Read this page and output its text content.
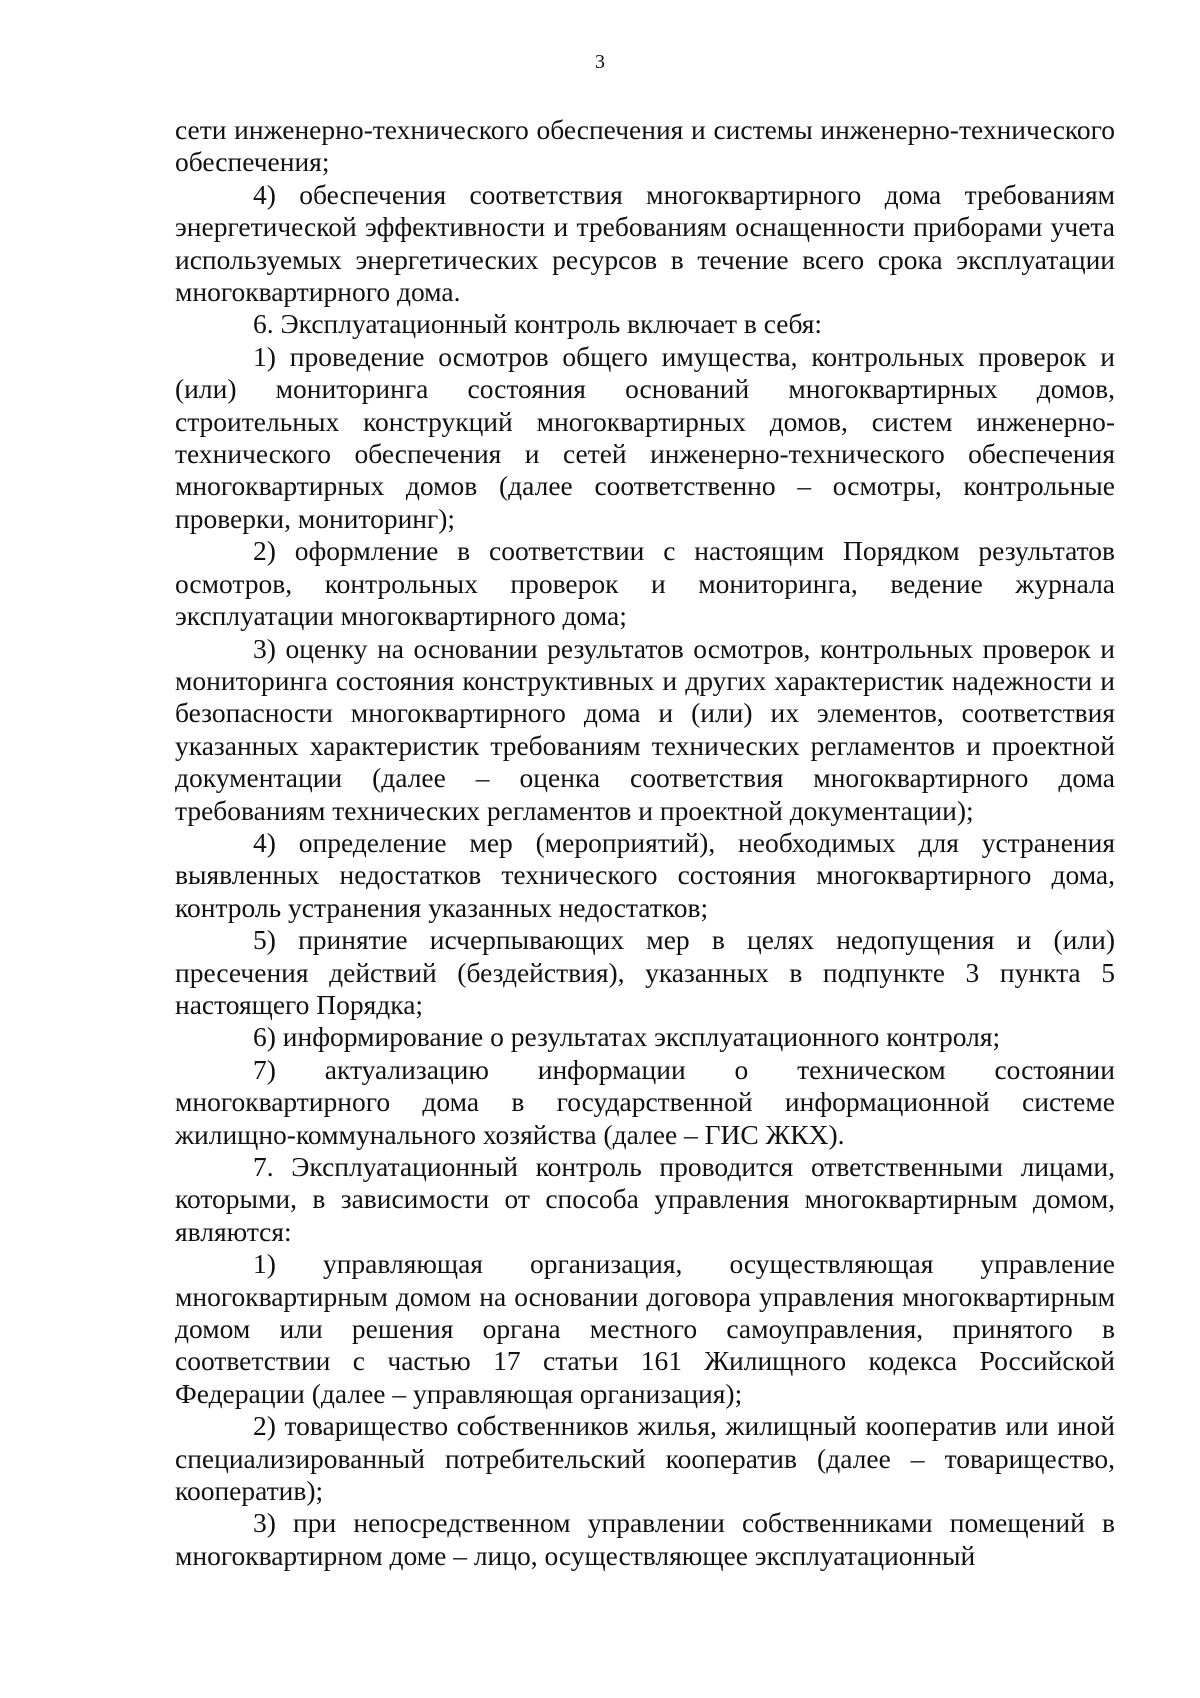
3

сети инженерно-технического обеспечения и системы инженерно-технического обеспечения;

4) обеспечения соответствия многоквартирного дома требованиям энергетической эффективности и требованиям оснащенности приборами учета используемых энергетических ресурсов в течение всего срока эксплуатации многоквартирного дома.

6. Эксплуатационный контроль включает в себя:

1) проведение осмотров общего имущества, контрольных проверок и (или) мониторинга состояния оснований многоквартирных домов, строительных конструкций многоквартирных домов, систем инженерно-технического обеспечения и сетей инженерно-технического обеспечения многоквартирных домов (далее соответственно – осмотры, контрольные проверки, мониторинг);

2) оформление в соответствии с настоящим Порядком результатов осмотров, контрольных проверок и мониторинга, ведение журнала эксплуатации многоквартирного дома;

3) оценку на основании результатов осмотров, контрольных проверок и мониторинга состояния конструктивных и других характеристик надежности и безопасности многоквартирного дома и (или) их элементов, соответствия указанных характеристик требованиям технических регламентов и проектной документации (далее – оценка соответствия многоквартирного дома требованиям технических регламентов и проектной документации);

4) определение мер (мероприятий), необходимых для устранения выявленных недостатков технического состояния многоквартирного дома, контроль устранения указанных недостатков;

5) принятие исчерпывающих мер в целях недопущения и (или) пресечения действий (бездействия), указанных в подпункте 3 пункта 5 настоящего Порядка;

6) информирование о результатах эксплуатационного контроля;

7) актуализацию информации о техническом состоянии многоквартирного дома в государственной информационной системе жилищно-коммунального хозяйства (далее – ГИС ЖКХ).

7. Эксплуатационный контроль проводится ответственными лицами, которыми, в зависимости от способа управления многоквартирным домом, являются:

1) управляющая организация, осуществляющая управление многоквартирным домом на основании договора управления многоквартирным домом или решения органа местного самоуправления, принятого в соответствии с частью 17 статьи 161 Жилищного кодекса Российской Федерации (далее – управляющая организация);

2) товарищество собственников жилья, жилищный кооператив или иной специализированный потребительский кооператив (далее – товарищество, кооператив);

3) при непосредственном управлении собственниками помещений в многоквартирном доме – лицо, осуществляющее эксплуатационный
